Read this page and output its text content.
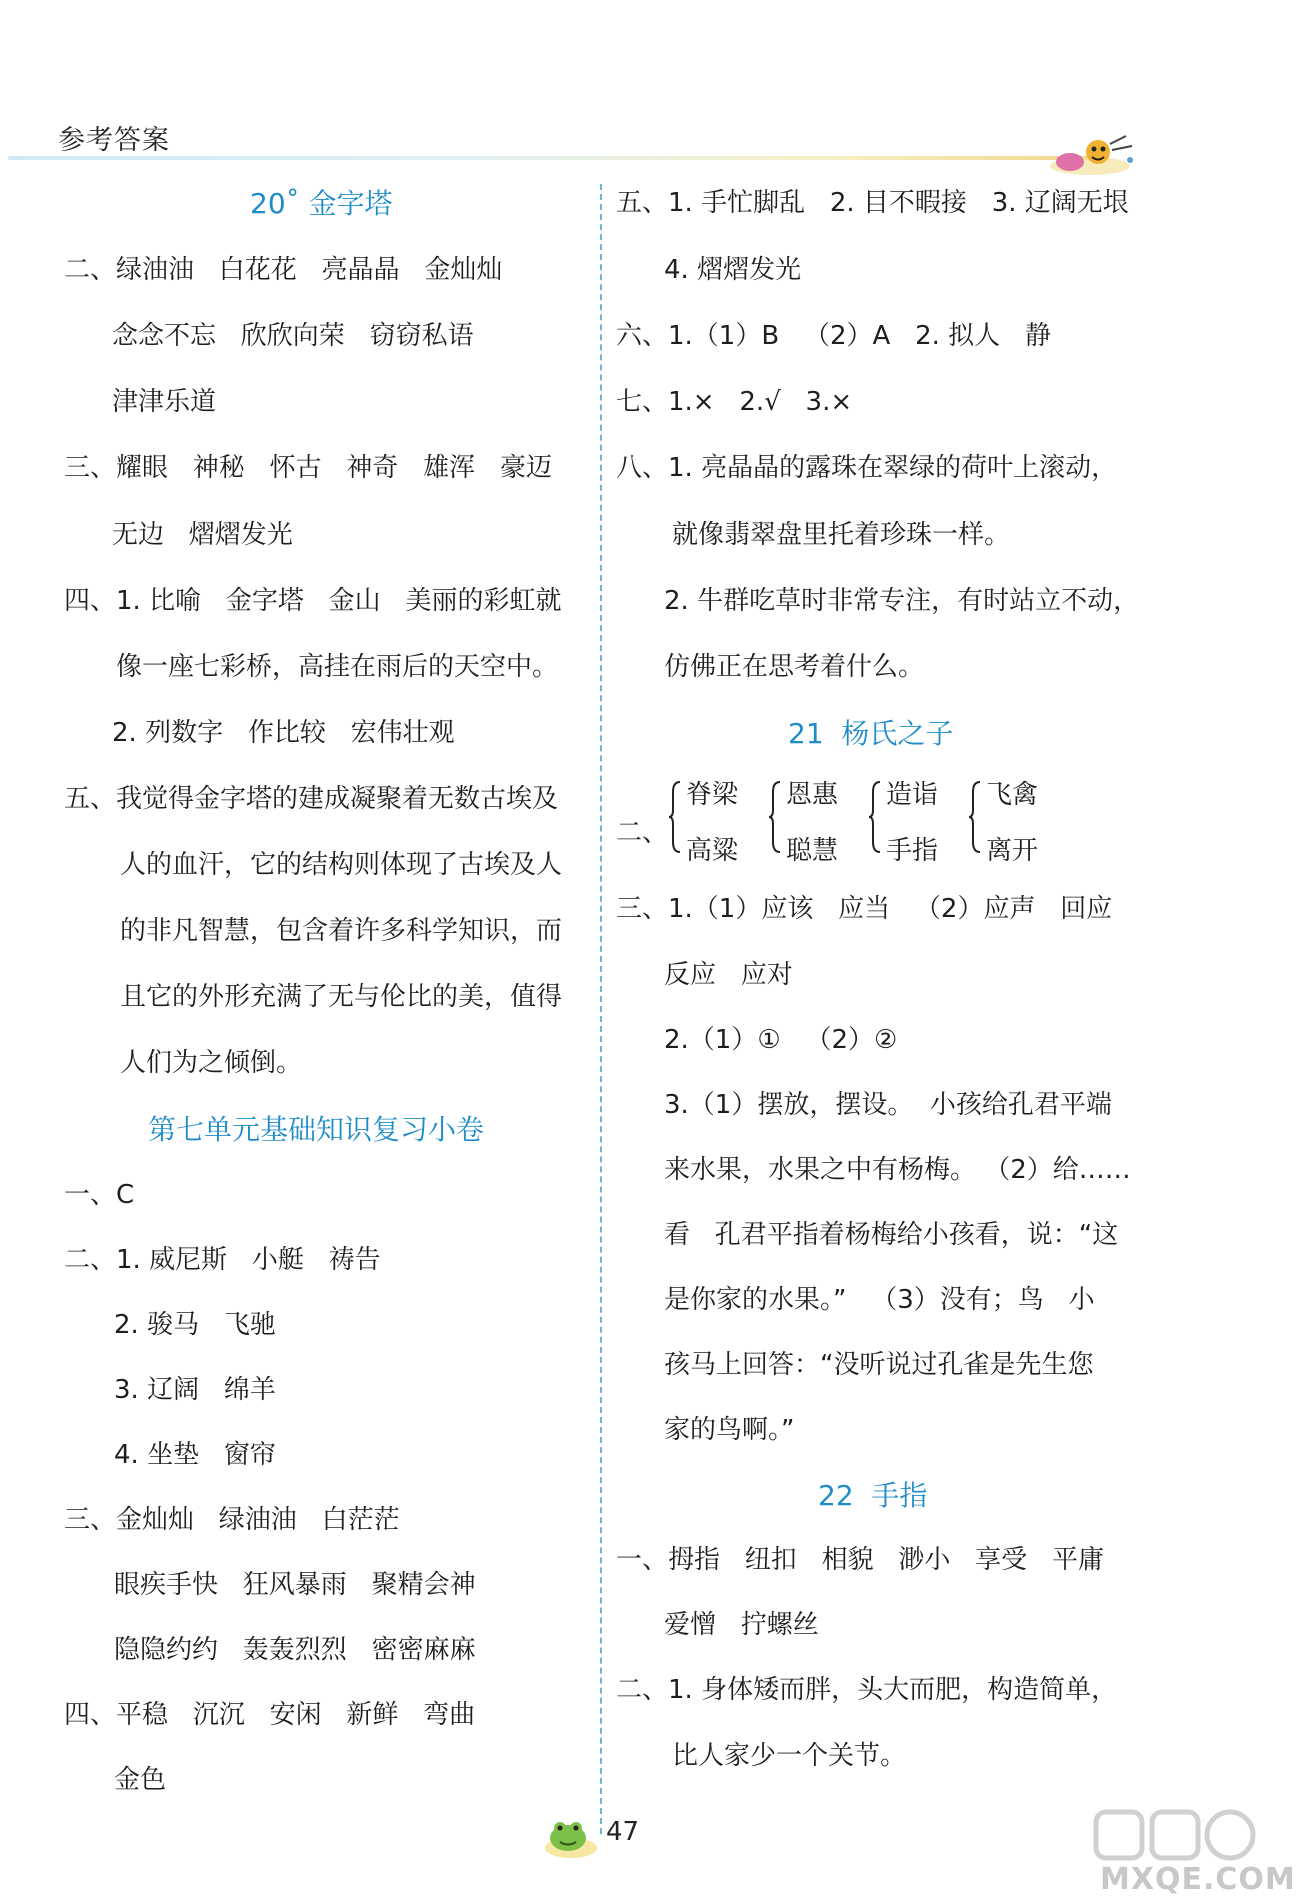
参考答案
20˚ 金字塔
二、绿油油   白花花   亮晶晶   金灿灿
念念不忘   欣欣向荣   窃窃私语
津津乐道
三、耀眼   神秘   怀古   神奇   雄浑   豪迈
无边   熠熠发光
四、1. 比喻   金字塔   金山   美丽的彩虹就
像一座七彩桥，高挂在雨后的天空中。
2. 列数字   作比较   宏伟壮观
五、我觉得金字塔的建成凝聚着无数古埃及
人的血汗，它的结构则体现了古埃及人
的非凡智慧，包含着许多科学知识，而
且它的外形充满了无与伦比的美，值得
人们为之倾倒。
第七单元基础知识复习小卷
一、C
二、1. 威尼斯   小艇   祷告
2. 骏马   飞驰
3. 辽阔   绵羊
4. 坐垫   窗帘
三、金灿灿   绿油油   白茫茫
眼疾手快   狂风暴雨   聚精会神
隐隐约约   轰轰烈烈   密密麻麻
四、平稳   沉沉   安闲   新鲜   弯曲
金色
五、1. 手忙脚乱   2. 目不暇接   3. 辽阔无垠
4. 熠熠发光
六、1.（1）B   （2）A   2. 拟人   静
七、1.×   2.√   3.×
八、1. 亮晶晶的露珠在翠绿的荷叶上滚动，
就像翡翠盘里托着珍珠一样。
2. 牛群吃草时非常专注，有时站立不动，
仿佛正在思考着什么。
21  杨氏之子
二、
脊梁
高粱
恩惠
聪慧
造诣
手指
飞禽
离开
三、1.（1）应该   应当   （2）应声   回应
反应   应对
2.（1）①   （2）②
3.（1）摆放，摆设。  小孩给孔君平端
来水果，水果之中有杨梅。 （2）给……
看   孔君平指着杨梅给小孩看，说：“这
是你家的水果。”   （3）没有；鸟   小
孩马上回答：“没听说过孔雀是先生您
家的鸟啊。”
22  手指
一、拇指   纽扣   相貌   渺小   享受   平庸
爱憎   拧螺丝
二、1. 身体矮而胖，头大而肥，构造简单，
比人家少一个关节。
47
MXQE.COM
